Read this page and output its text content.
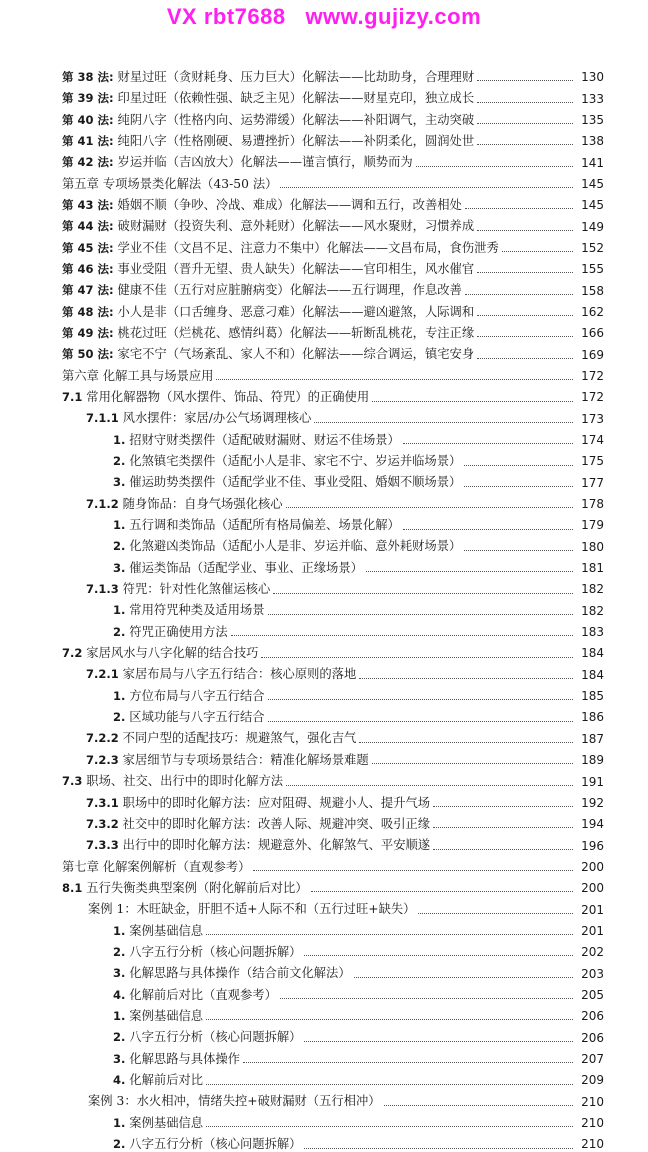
VX rbt7688   www.gujizy.com
第 38 法: 财星过旺（贪财耗身、压力巨大）化解法——比劫助身，合理理财	130
第 39 法: 印星过旺（依赖性强、缺乏主见）化解法——财星克印，独立成长	133
第 40 法: 纯阴八字（性格内向、运势滞缓）化解法——补阳调气，主动突破	135
第 41 法: 纯阳八字（性格刚硬、易遭挫折）化解法——补阴柔化，圆润处世	138
第 42 法: 岁运并临（吉凶放大）化解法——谨言慎行，顺势而为	141
第五章 专项场景类化解法（43-50 法）	145
第 43 法: 婚姻不顺（争吵、冷战、难成）化解法——调和五行，改善相处	145
第 44 法: 破财漏财（投资失利、意外耗财）化解法——风水聚财，习惯养成	149
第 45 法: 学业不佳（文昌不足、注意力不集中）化解法——文昌布局，食伤泄秀	152
第 46 法: 事业受阻（晋升无望、贵人缺失）化解法——官印相生，风水催官	155
第 47 法: 健康不佳（五行对应脏腑病变）化解法——五行调理，作息改善	158
第 48 法: 小人是非（口舌缠身、恶意刁难）化解法——避凶避煞，人际调和	162
第 49 法: 桃花过旺（烂桃花、感情纠葛）化解法——斩断乱桃花，专注正缘	166
第 50 法: 家宅不宁（气场紊乱、家人不和）化解法——综合调运，镇宅安身	169
第六章 化解工具与场景应用	172
7.1 常用化解器物（风水摆件、饰品、符咒）的正确使用	172
7.1.1 风水摆件：家居/办公气场调理核心	173
1. 招财守财类摆件（适配破财漏财、财运不佳场景）	174
2. 化煞镇宅类摆件（适配小人是非、家宅不宁、岁运并临场景）	175
3. 催运助势类摆件（适配学业不佳、事业受阻、婚姻不顺场景）	177
7.1.2 随身饰品：自身气场强化核心	178
1. 五行调和类饰品（适配所有格局偏差、场景化解）	179
2. 化煞避凶类饰品（适配小人是非、岁运并临、意外耗财场景）	180
3. 催运类饰品（适配学业、事业、正缘场景）	181
7.1.3 符咒：针对性化煞催运核心	182
1. 常用符咒种类及适用场景	182
2. 符咒正确使用方法	183
7.2 家居风水与八字化解的结合技巧	184
7.2.1 家居布局与八字五行结合：核心原则的落地	184
1. 方位布局与八字五行结合	185
2. 区域功能与八字五行结合	186
7.2.2 不同户型的适配技巧：规避煞气，强化吉气	187
7.2.3 家居细节与专项场景结合：精准化解场景难题	189
7.3 职场、社交、出行中的即时化解方法	191
7.3.1 职场中的即时化解方法：应对阻碍、规避小人、提升气场	192
7.3.2 社交中的即时化解方法：改善人际、规避冲突、吸引正缘	194
7.3.3 出行中的即时化解方法：规避意外、化解煞气、平安顺遂	196
第七章 化解案例解析（直观参考）	200
8.1 五行失衡类典型案例（附化解前后对比）	200
案例 1：木旺缺金，肝胆不适+人际不和（五行过旺+缺失）	201
1. 案例基础信息	201
2. 八字五行分析（核心问题拆解）	202
3. 化解思路与具体操作（结合前文化解法）	203
4. 化解前后对比（直观参考）	205
1. 案例基础信息	206
2. 八字五行分析（核心问题拆解）	206
3. 化解思路与具体操作	207
4. 化解前后对比	209
案例 3：水火相冲，情绪失控+破财漏财（五行相冲）	210
1. 案例基础信息	210
2. 八字五行分析（核心问题拆解）	210
